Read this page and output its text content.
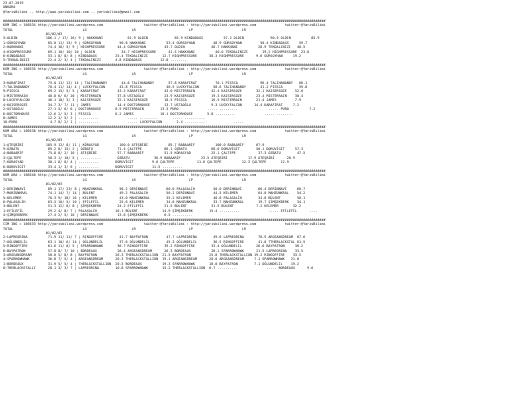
23.07.2019
ANKARA
@YarisBilimi -- http://www.yarisbilimi.com -- yarisbilimi@gmail.com

##############################################################################################################################################################
KUM ING = 166534 http://yarisbilimi.wordpress.com                    twitter:@YarisBilimi : http://yarisbilimi.wordpress.com              twitter:@YarisBilimi
TOTAL                                  LG                      LR                          LP                        LR
#1/#2/#3
3:OLDIN              106.1 / 17/ 16/ 9 | HAKKHANI            61.9 OLDIN             65.9 KINDADAGS          57.2 OLDIN             90.5 OLDIN          85.9
1:GÜRSOYHAN           85.0 11/ 15/ 9 | GÜRSOYHAN         50.8 HAKKHANI          53.4 GÜRSOYHAN         48.9 GÜRSOYHAN         50.4 KINDADAGS     59.7
2:HAKKHANI            74.4 16/ 5/ 9 | HIGHPRESSURE      44.4 GÜRSOYHAN         43.7 OLDIN             46.7 HAKKHANI          28.9 TEKDALINIZI   40.5
4:HIGHPRESSURE        69.1 10/ 10/ 10 | OLDIN             34.7 HIGHPRESSURE      41.5 HAKKHANI          40.0 TEKDALINIZI       19.2 HIGHPRESSURE  23.8
6:KINDADAGS           53.1 8/ 8/ 8 | KINDADAGS         25.4 TEKDALINIZI       12.7 HIGHPRESSURE      38.3 HIGHPRESSURE      9.6 GÜRSOYHAN     19.2
5:TEKDALINIZI         22.4 2/ 3/ 4 | TEKDALINIZI       4.8 KINDADAGS         12.0 ........
##############################################################################################################################################################
KUM ING = 166535 http://yarisbilimi.wordpress.com                    twitter:@YarisBilimi : http://yarisbilimi.wordpress.com              twitter:@YarisBilimi
TOTAL                                  LG                      LR                          LP                        LR
#1/#2/#3
3:KARAFIRAT           75.0 11/ 12/ 14 | TALİHANANDY       44.6 TALİHANANDY       57.8 KARAFIRAT         70.1 PISSCA           96.4 TALİHANANDY   66.1
7:TALİHANANDY         70.4 11/ 14/ 4 | LUCKYFALCON       43.8 PISSCA            46.5 LUCKYFALCON       58.6 TALİHANANDY       41.2 PISSCA        59.0
9:PISSCA              69.2 15/ 5/ 5 | KARAFIRAT         43.2 KARAFIRAT         43.0 MISTERRAIN        42.4 KAISERSOZE       32.1 KAISERSOZE    52.0
1:MISTERRAIN          40.8 6/ 6/ 20 | MISTERRAIN        37.8 USTAOĞLU          23.9 KAISERSOZE        19.3 KAISERSOZE       23.4 MISTERRAIN    30.4
8:LUCKYFALCON         46.1 10/ 3/ 3 | KAISERSOZE        32.1 KAISERSOZE        18.5 PISSCA            16.5 MISTERRAIN       21.4 JAMES         7.9
4:KAISERSOZE          34.7 3/ 7/ 11 | JAMES             14.4 DOCTORHOUSE       13.7 USTAOĞLU          9.3 LUCKYFALCON      14.4 KARAFIRAT     7.2
2:USTAOĞLU            27.1 5/ 6/ 6 | DOCTORHOUSE       8.9 MISTERRAIN        13.3 PURO              ..... .........               ..... PURO          7.2
6:DOCTORHOUSE         12.6 2/ 5/ 3 | PISSCA            6.2 JAMES             10.1 DOCTORHOUSE       5.8 ..........              ..... ........
8:JAMES               12.2 1/ 5/ 2 | ..........              ..... .........       ..... ..........
10:PURO                4.7 0/ 2/ 1 | ..........              ..... LUCKYFALCON       2.4 ..........              .....
##############################################################################################################################################################
KUM ARA = 166538 http://yarisbilimi.wordpress.com                    twitter:@YarisBilimi : http://yarisbilimi.wordpress.com              twitter:@YarisBilimi
TOTAL                                  LG                      LR                          LP                        LR
#1/#2/#3
1:ATEŞBİBİ           105.9 12/ 8/ 11 | KÖRASYAD          100.0 ATEŞBİBİ          85.7 BABAARİF          100.0 BABAARİF      67.9
9:ÖZBATU              89.2 8/ 15/ 2 | ÖZBATU            71.4 ÇALTEPE           66.1 ÖZBATU            68.6 DORUVİGİT        50.1 DORUVİGİT     57.3
4:BABAARİF            75.8 8/ 2/ 10 | ATEŞBİBİ          57.7 BABAARİF          51.5 KÖRASYAD          25.1 ÇALTEPE           37.3 ÖZBATU        47.5
3:ÇALTEPE             50.3 1/ 10/ 5 | ..........        ÖZBATU            36.9 BABAARİF          23.5 ATEŞBİBİ          17.9 ATEŞBİBİ      28.9
7:KÖRASYAD            30.1 8/ 0/ 4 | ..........        DORUVİGİT         9.6 ÇALTEPE           11.6 ÇALTEPE          12.3 ÇALTEPE       12.9
6:DORUVİGİT           33.4 1/ 3/ 6 | ..........        DORUVİGİT         11.5 ..........
##############################################################################################################################################################
KUM ARA = 166540 http://yarisbilimi.wordpress.com                    twitter:@YarisBilimi : http://yarisbilimi.wordpress.com              twitter:@YarisBilimi
TOTAL                                  LG                      LR                          LP                        LR
#1/#2/#3
2:DERİNNAVİ           89.1 17/ 23/ 8 | MAHZUNKRAL        58.2 DERİNNAVİ         60.0 PALASALİH         50.0 DERİNNAVİ        66.4 DERİNNAVİ     60.7
7:MAHZUNKRAL          74.1 14/ 7/ 14 | BÜLENT            49.2 PALASALİH         50.2 DERİNNAVİ         44.5 KELEMER          64.0 MAHZUNKRAL    54.2
5:KELEMER             70.3 9/ 18/ 16 | KELEMER           43.0 MAHZUNKRAL        35.2 KELEMER           40.8 PALASALİH        34.0 BÜLENT        50.1
6:PALASALİH           63.5 10/ 5/ 10 | EFİLEFİL          25.6 KELEMER           34.6 MAHZUNKRAL        33.7 MAHZUNKRAL       19.7 ŞİMŞEKBERK    34.1
3:BÜLENT              51.3 12/ 8/ 8 | ŞİMŞEKBERK        24.2 EFİLEFİL          21.5 BÜLENT            31.5 BÜLENT           7.2 KELEMER       32.2
1:EFİLEFİL            29.2 4/ 8/ 7 | PALASALİH         16.1 BÜLENT            14.9 ŞİMŞEKBERK        15.4 ..........              ..... EFİLEFİL      ....
4:ŞİMŞEKBERK          27.4 2/ 5/ 10 | DERİNNAVİ         13.6 ŞİMŞEKBERK        6.5 ..........
##############################################################################################################################################################
CIM ING = 166533 http://yarisbilimi.wordpress.com                    twitter:@YarisBilimi : http://yarisbilimi.wordpress.com              twitter:@YarisBilimi
TOTAL                                  LG                      LR                          LP                        LR
#1/#2/#3
2:LAPREORINA          71.9 11/ 11/ 7 | RINGOFFIRE        41.7 BAYPATRON         47.7 LAPREORINA        49.6 LAPREORINA       78.9 ARGEANSDREAM  67.6
7:OĞLUNDELİL          63.1 10/ 6/ 14 | OĞLUNDELİL        37.6 OĞLUNDELİL        45.3 OĞLUNDELİL        36.5 RINGOFFIRE       41.0 TTHEBLACKSTAL 61.5
5:RINGOFFIRE          61.6 11/ 8/ 5 | SPARROWHAWK       36.7 RINGOFFIRE        39.2 RINGOFFIRE        33.4 OĞLUNDELİL       26.6 BAYPATRON     38.2
6:BAYPATRON           57.8 8/ 7/ 10 | BORDEAUX          28.4 ARGEANSDREAM      26.3 BORDEAUX          28.1 SPARROWHAWK      21.5 LAPREORINA    33.5
3:ARGEANSDREAM        50.0 5/ 8/ 8 | BAYPATRON         26.3 THEBLACKSTALLION  21.5 BAYPATRON         25.8 THEBLACKSTALLION 19.2 RINGOFFIRE    33.5
4:SPARROWHAWK         36.8 7/ 5/ 4 | ARGEANSDREAM      26.3 THEBLACKSTALLION  19.1 ARGEANSDREAM      20.0 ARGEANSDREAM     7.1 SPARROWHAWK   21.8
1:BORDEAUX            31.9 5/ 5/ 4 | THEBLACKSTALLION  20.5 BORDEAUX          19.3 SPARROWHAWK       18.0 BAYPATRON        7.1 OĞLUNDELİL    19.2
8:THEBLACKSTALLI      28.1 3/ 3/ 7 | LAPREORINA        10.8 SPARROWHAWK       15.2 THEBLACKSTALLION  6.7 ..........              ..... BORDEAUX      9.6
